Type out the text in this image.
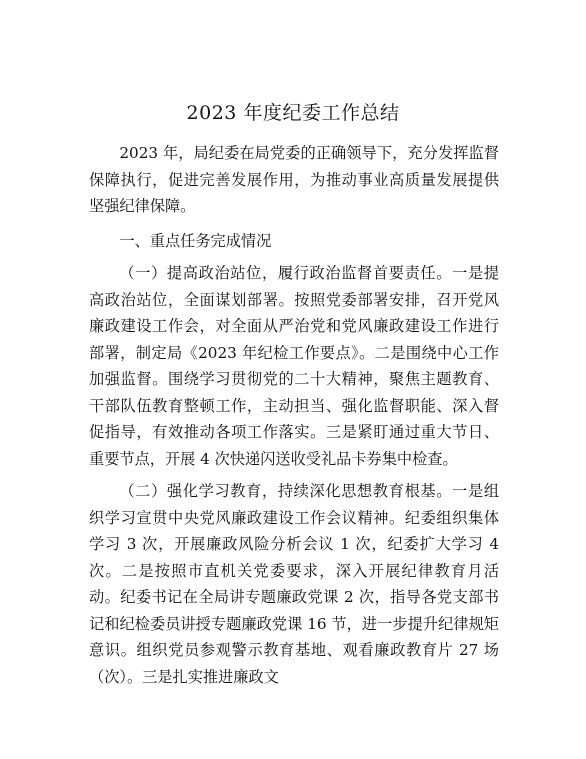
2023 年度纪委工作总结

2023 年，局纪委在局党委的正确领导下，充分发挥监督保障执行，促进完善发展作用，为推动事业高质量发展提供坚强纪律保障。

一、重点任务完成情况

（一）提高政治站位，履行政治监督首要责任。一是提高政治站位，全面谋划部署。按照党委部署安排，召开党风廉政建设工作会，对全面从严治党和党风廉政建设工作进行部署，制定局《2023 年纪检工作要点》。二是围绕中心工作加强监督。围绕学习贯彻党的二十大精神，聚焦主题教育、干部队伍教育整顿工作，主动担当、强化监督职能、深入督促指导，有效推动各项工作落实。三是紧盯通过重大节日、重要节点，开展 4 次快递闪送收受礼品卡券集中检查。

（二）强化学习教育，持续深化思想教育根基。一是组织学习宣贯中央党风廉政建设工作会议精神。纪委组织集体学习 3 次，开展廉政风险分析会议 1 次，纪委扩大学习 4 次。二是按照市直机关党委要求，深入开展纪律教育月活动。纪委书记在全局讲专题廉政党课 2 次，指导各党支部书记和纪检委员讲授专题廉政党课 16 节，进一步提升纪律规矩意识。组织党员参观警示教育基地、观看廉政教育片 27 场（次）。三是扎实推进廉政文
